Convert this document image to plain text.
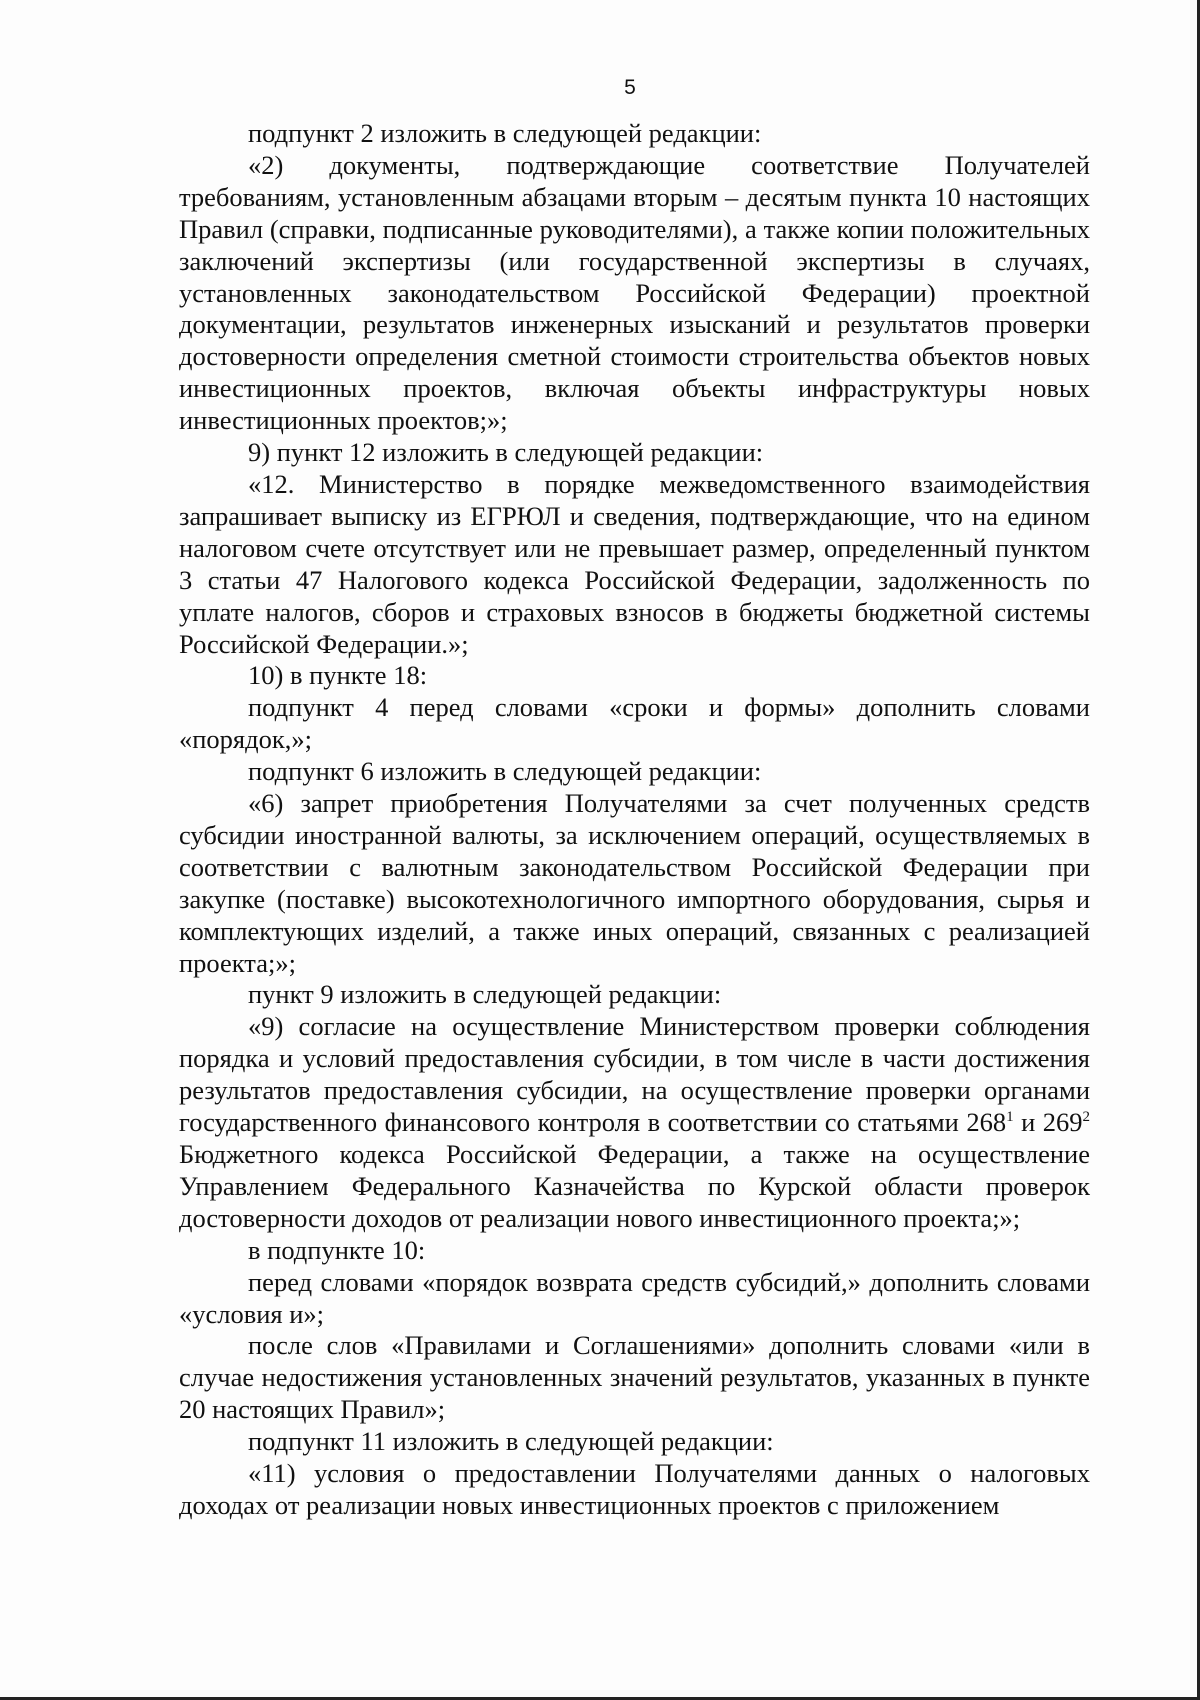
5

подпункт 2 изложить в следующей редакции:

«2) документы, подтверждающие соответствие Получателей требованиям, установленным абзацами вторым – десятым пункта 10 настоящих Правил (справки, подписанные руководителями), а также копии положительных заключений экспертизы (или государственной экспертизы в случаях, установленных законодательством Российской Федерации) проектной документации, результатов инженерных изысканий и результатов проверки достоверности определения сметной стоимости строительства объектов новых инвестиционных проектов, включая объекты инфраструктуры новых инвестиционных проектов;»;

9) пункт 12 изложить в следующей редакции:

«12. Министерство в порядке межведомственного взаимодействия запрашивает выписку из ЕГРЮЛ и сведения, подтверждающие, что на едином налоговом счете отсутствует или не превышает размер, определенный пунктом 3 статьи 47 Налогового кодекса Российской Федерации, задолженность по уплате налогов, сборов и страховых взносов в бюджеты бюджетной системы Российской Федерации.»;

10) в пункте 18:

подпункт 4 перед словами «сроки и формы» дополнить словами «порядок,»;

подпункт 6 изложить в следующей редакции:

«6) запрет приобретения Получателями за счет полученных средств субсидии иностранной валюты, за исключением операций, осуществляемых в соответствии с валютным законодательством Российской Федерации при закупке (поставке) высокотехнологичного импортного оборудования, сырья и комплектующих изделий, а также иных операций, связанных с реализацией проекта;»;

пункт 9 изложить в следующей редакции:

«9) согласие на осуществление Министерством проверки соблюдения порядка и условий предоставления субсидии, в том числе в части достижения результатов предоставления субсидии, на осуществление проверки органами государственного финансового контроля в соответствии со статьями $268^1$ и $269^2$ Бюджетного кодекса Российской Федерации, а также на осуществление Управлением Федерального Казначейства по Курской области проверок достоверности доходов от реализации нового инвестиционного проекта;»;

в подпункте 10:

перед словами «порядок возврата средств субсидий,» дополнить словами «условия и»;

после слов «Правилами и Соглашениями» дополнить словами «или в случае недостижения установленных значений результатов, указанных в пункте 20 настоящих Правил»;

подпункт 11 изложить в следующей редакции:

«11) условия о предоставлении Получателями данных о налоговых доходах от реализации новых инвестиционных проектов с приложением
